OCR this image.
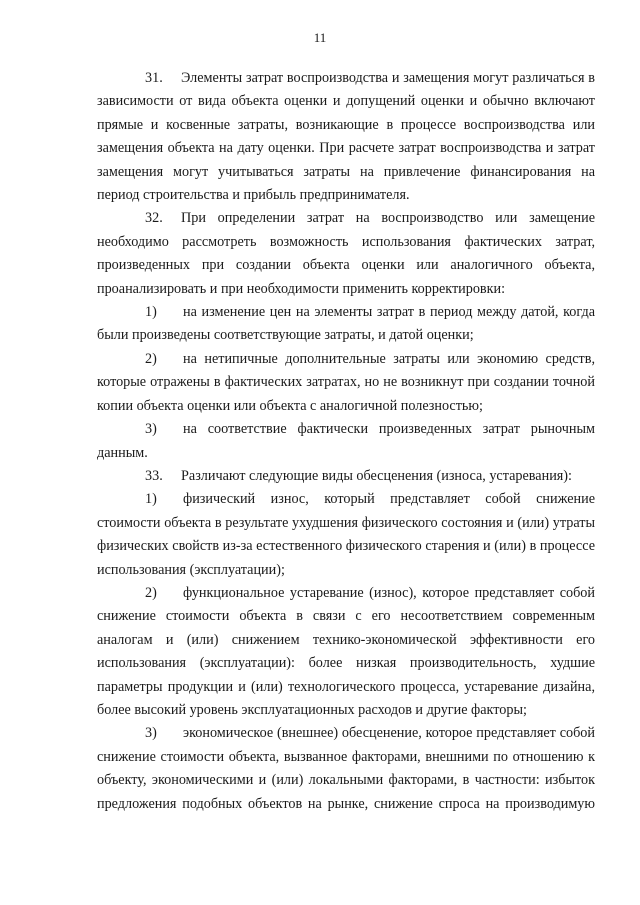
11

31. Элементы затрат воспроизводства и замещения могут различаться в зависимости от вида объекта оценки и допущений оценки и обычно включают прямые и косвенные затраты, возникающие в процессе воспроизводства или замещения объекта на дату оценки. При расчете затрат воспроизводства и затрат замещения могут учитываться затраты на привлечение финансирования на период строительства и прибыль предпринимателя.

32. При определении затрат на воспроизводство или замещение необходимо рассмотреть возможность использования фактических затрат, произведенных при создании объекта оценки или аналогичного объекта, проанализировать и при необходимости применить корректировки:

1) на изменение цен на элементы затрат в период между датой, когда были произведены соответствующие затраты, и датой оценки;

2) на нетипичные дополнительные затраты или экономию средств, которые отражены в фактических затратах, но не возникнут при создании точной копии объекта оценки или объекта с аналогичной полезностью;

3) на соответствие фактически произведенных затрат рыночным данным.

33. Различают следующие виды обесценения (износа, устаревания):

1) физический износ, который представляет собой снижение стоимости объекта в результате ухудшения физического состояния и (или) утраты физических свойств из-за естественного физического старения и (или) в процессе использования (эксплуатации);

2) функциональное устаревание (износ), которое представляет собой снижение стоимости объекта в связи с его несоответствием современным аналогам и (или) снижением технико-экономической эффективности его использования (эксплуатации): более низкая производительность, худшие параметры продукции и (или) технологического процесса, устаревание дизайна, более высокий уровень эксплуатационных расходов и другие факторы;

3) экономическое (внешнее) обесценение, которое представляет собой снижение стоимости объекта, вызванное факторами, внешними по отношению к объекту, экономическими и (или) локальными факторами, в частности: избыток предложения подобных объектов на рынке, снижение спроса на производимую
